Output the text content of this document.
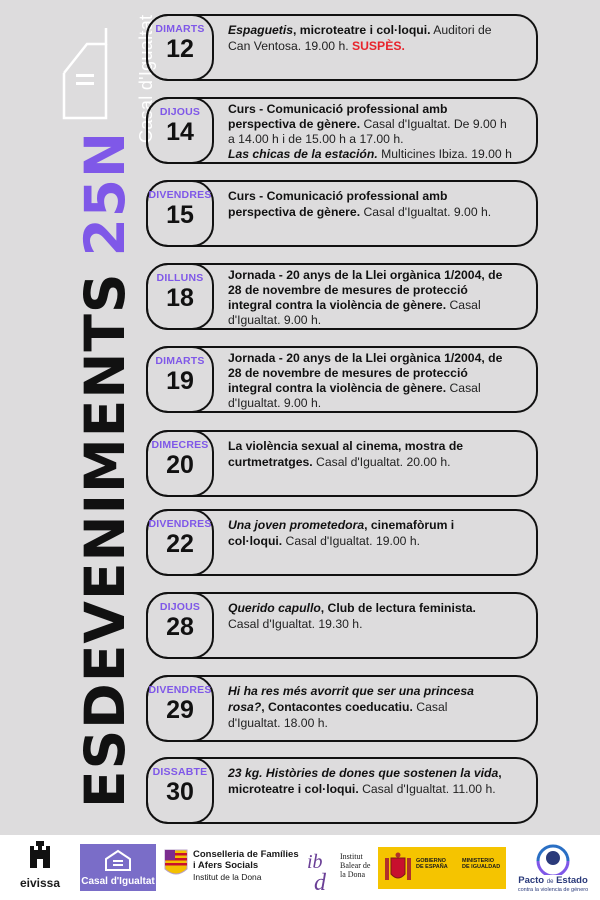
ESDEVENIMENTS25N
Casal d'Igualtat DIMARTS
12
Espaguetis, microteatre i col·loqui. Auditori de
Can Ventosa. 19.00 h. SUSPÈS.
DIJOUS
14
Curs - Comunicació professional amb
perspectiva de gènere. Casal d'Igualtat. De 9.00 h
a 14.00 h i de 15.00 h a 17.00 h.
Las chicas de la estación. Multicines Ibiza. 19.00 h
DIVENDRES
15
Curs - Comunicació professional amb
perspectiva de gènere. Casal d'Igualtat. 9.00 h.
DILLUNS
18
Jornada - 20 anys de la Llei orgànica 1/2004, de
28 de novembre de mesures de protecció
integral contra la violència de gènere. Casal
d'Igualtat. 9.00 h.
DIMARTS
19
Jornada - 20 anys de la Llei orgànica 1/2004, de
28 de novembre de mesures de protecció
integral contra la violència de gènere. Casal
d'Igualtat. 9.00 h.
DIMECRES
20
La violència sexual al cinema, mostra de
curtmetratges. Casal d'Igualtat. 20.00 h.
DIVENDRES
22
Una joven prometedora, cinemafòrum i
col·loqui. Casal d'Igualtat. 19.00 h.
DIJOUS
28
Querido capullo, Club de lectura feminista.
Casal d'Igualtat. 19.30 h.
DIVENDRES
29
Hi ha res més avorrit que ser una princesa
rosa?, Contacontes coeducatiu. Casal
d'Igualtat. 18.00 h.
DISSABTE
30
23 kg. Històries de dones que sostenen la vida,
microteatre i col·loqui. Casal d'Igualtat. 11.00 h.
eivissa	Casal d'Igualtat
Conselleria de Famílies
i Afers Socials
Institut de la Dona
ib
d
Institut
Balear de
la Dona
GOBIERNO
DE ESPAÑA
MINISTERIO
DE IGUALDAD
Pacto de Estado
contra la violencia de género
